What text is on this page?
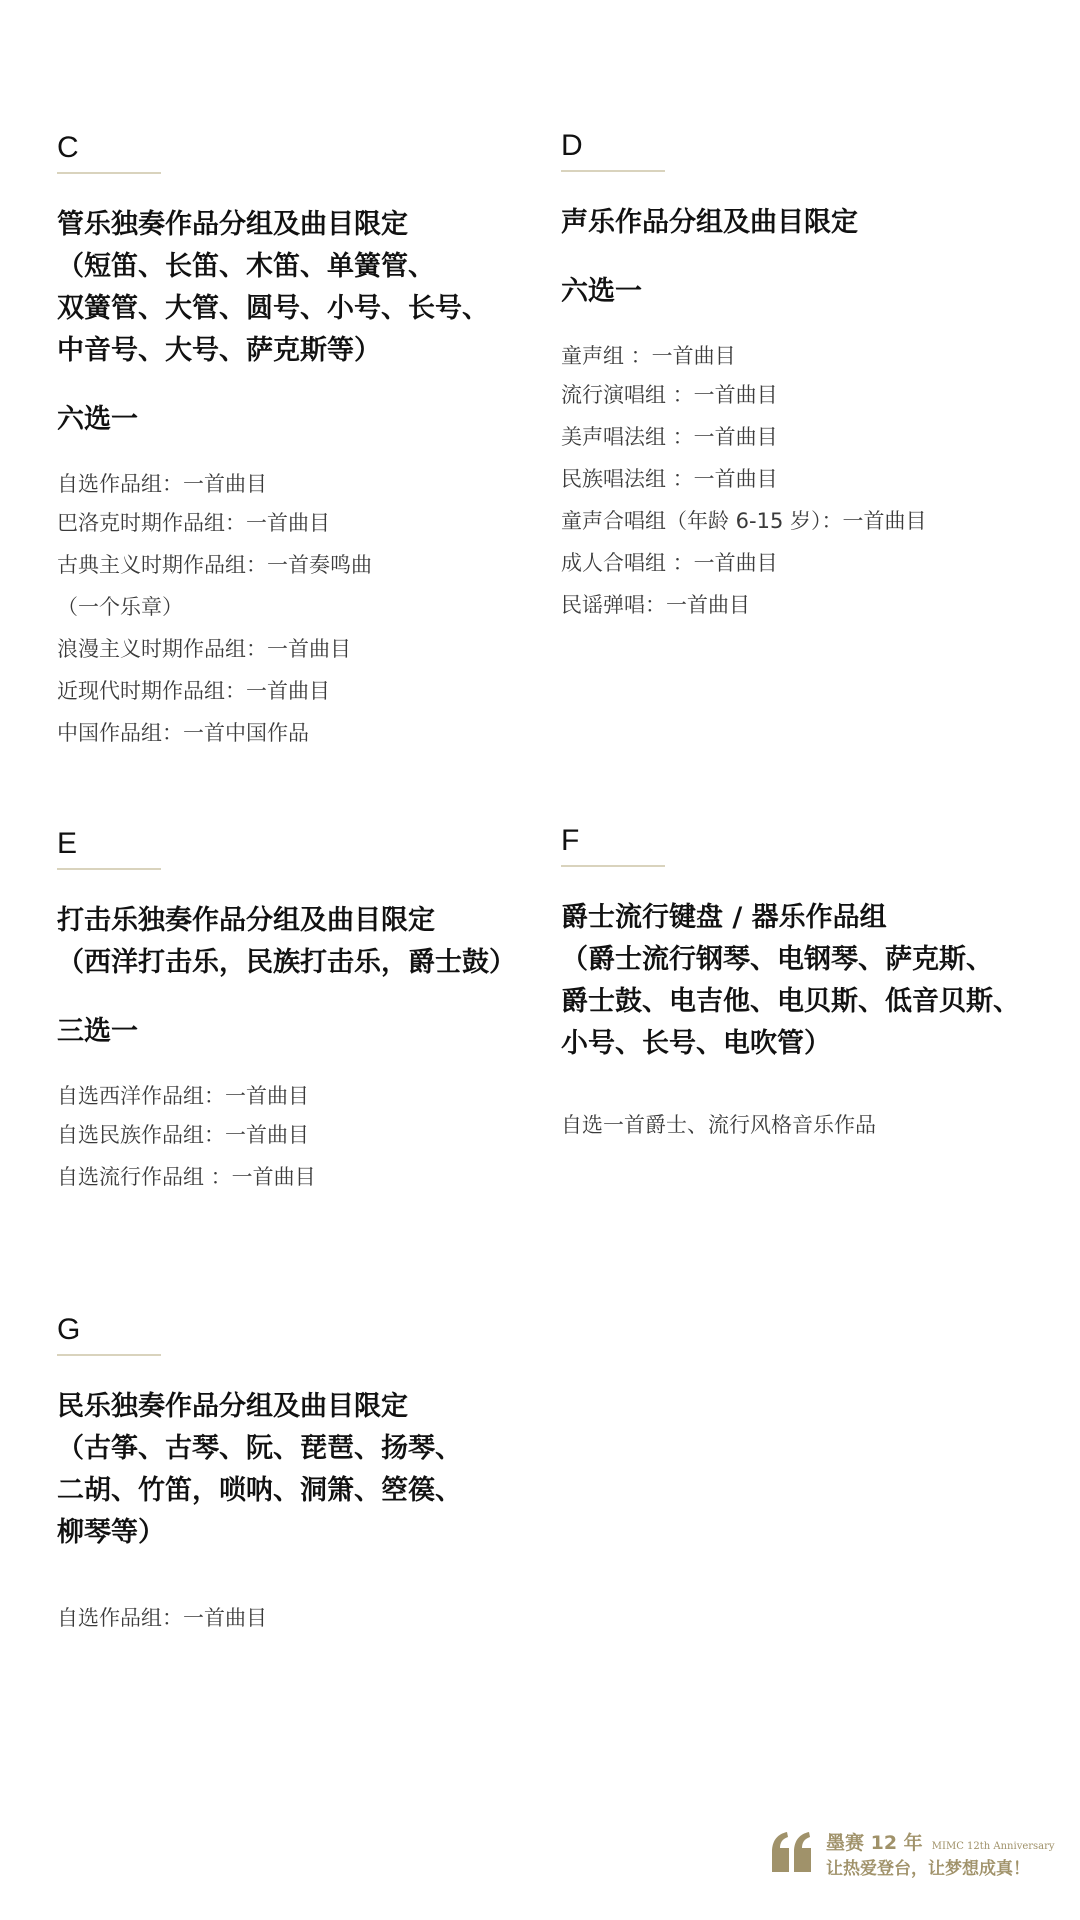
C
管乐独奏作品分组及曲目限定
（短笛、长笛、木笛、单簧管、
双簧管、大管、圆号、小号、长号、
中音号、大号、萨克斯等）
六选一
自选作品组：一首曲目
巴洛克时期作品组：一首曲目
古典主义时期作品组：一首奏鸣曲
（一个乐章）
浪漫主义时期作品组：一首曲目
近现代时期作品组：一首曲目
中国作品组：一首中国作品
D
声乐作品分组及曲目限定
六选一
童声组 ：一首曲目
流行演唱组 ：一首曲目
美声唱法组 ：一首曲目
民族唱法组 ：一首曲目
童声合唱组（年龄 6-15 岁）：一首曲目
成人合唱组 ：一首曲目
民谣弹唱：一首曲目
E
打击乐独奏作品分组及曲目限定
（西洋打击乐，民族打击乐，爵士鼓）
三选一
自选西洋作品组：一首曲目
自选民族作品组：一首曲目
自选流行作品组 ：一首曲目
F
爵士流行键盘 / 器乐作品组
（爵士流行钢琴、电钢琴、萨克斯、
爵士鼓、电吉他、电贝斯、低音贝斯、
小号、长号、电吹管）
自选一首爵士、流行风格音乐作品
G
民乐独奏作品分组及曲目限定
（古筝、古琴、阮、琵琶、扬琴、
二胡、竹笛，唢呐、洞箫、箜篌、
柳琴等）
自选作品组：一首曲目
墨赛 12 年 MIMC 12th Anniversary
让热爱登台，让梦想成真！
